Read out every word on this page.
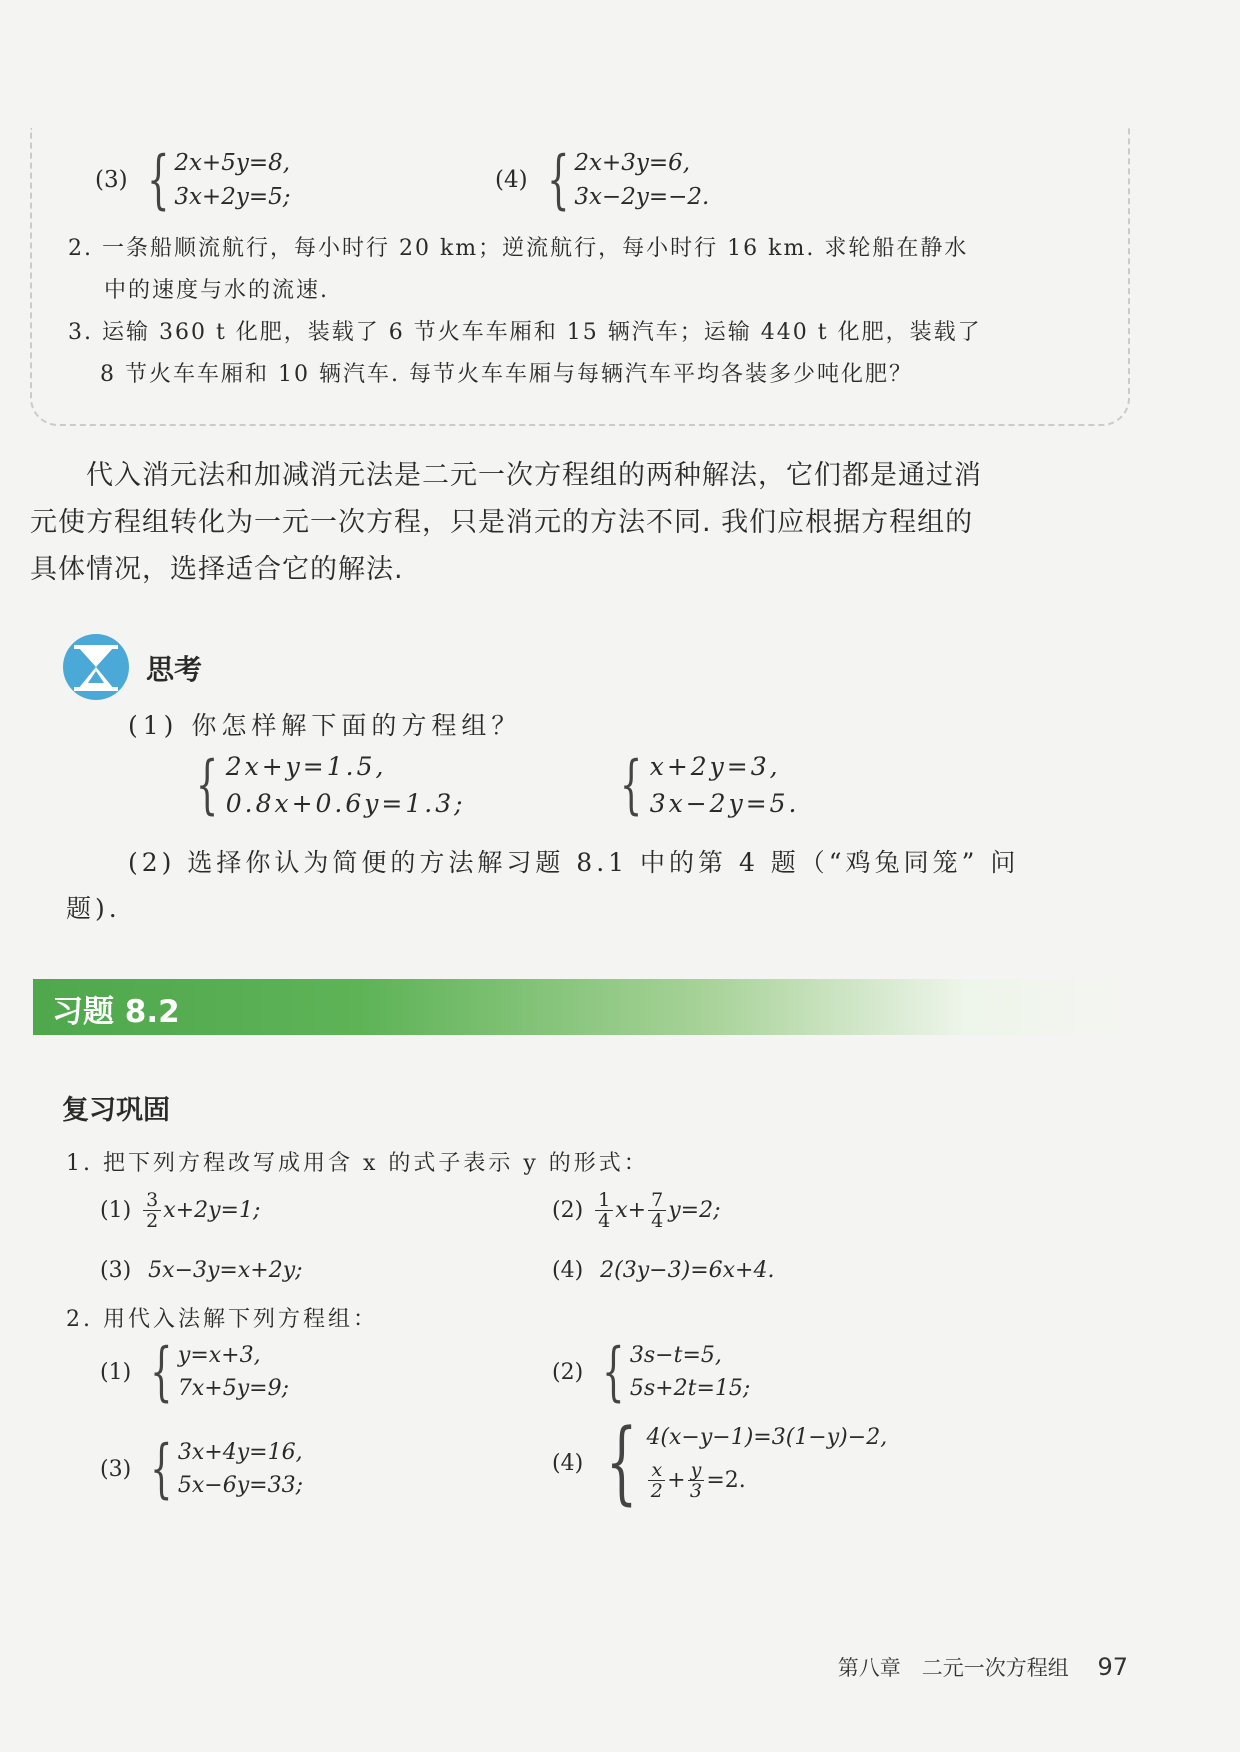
(3) { 2x+5y=8,
3x+2y=5;
(4) { 2x+3y=6,
3x−2y=−2.
2. 一条船顺流航行，每小时行 20 km；逆流航行，每小时行 16 km. 求轮船在静水
中的速度与水的流速.
3. 运输 360 t 化肥，装载了 6 节火车车厢和 15 辆汽车；运输 440 t 化肥，装载了
8 节火车车厢和 10 辆汽车. 每节火车车厢与每辆汽车平均各装多少吨化肥？
代入消元法和加减消元法是二元一次方程组的两种解法，它们都是通过消
元使方程组转化为一元一次方程，只是消元的方法不同. 我们应根据方程组的
具体情况，选择适合它的解法.
思考
(1) 你怎样解下面的方程组？
{ 2x+y=1.5,
0.8x+0.6y=1.3; { x+2y=3,
3x−2y=5.
(2) 选择你认为简便的方法解习题 8.1 中的第 4 题（“鸡兔同笼” 问
题).
习题 8.2
复习巩固
1. 把下列方程改写成用含 x 的式子表示 y 的形式：
$(1) \frac{3}{2} x+2y=1$;	$(2) \frac{1}{4} x+ \frac{7}{4} y=2$;
(3) 5x−3y=x+2y;	(4) 2(3y−3)=6x+4.
2. 用代入法解下列方程组：
(1) { y=x+3,
7x+5y=9;
(2) { 3s−t=5,
5s+2t=15;
(3) { 3x+4y=16,
5x−6y=33;
(4) { 4(x−y−1)=3(1−y)−2,
$\frac{x}{2} + \frac{y}{3} =2$.
第八章　二元一次方程组 97
